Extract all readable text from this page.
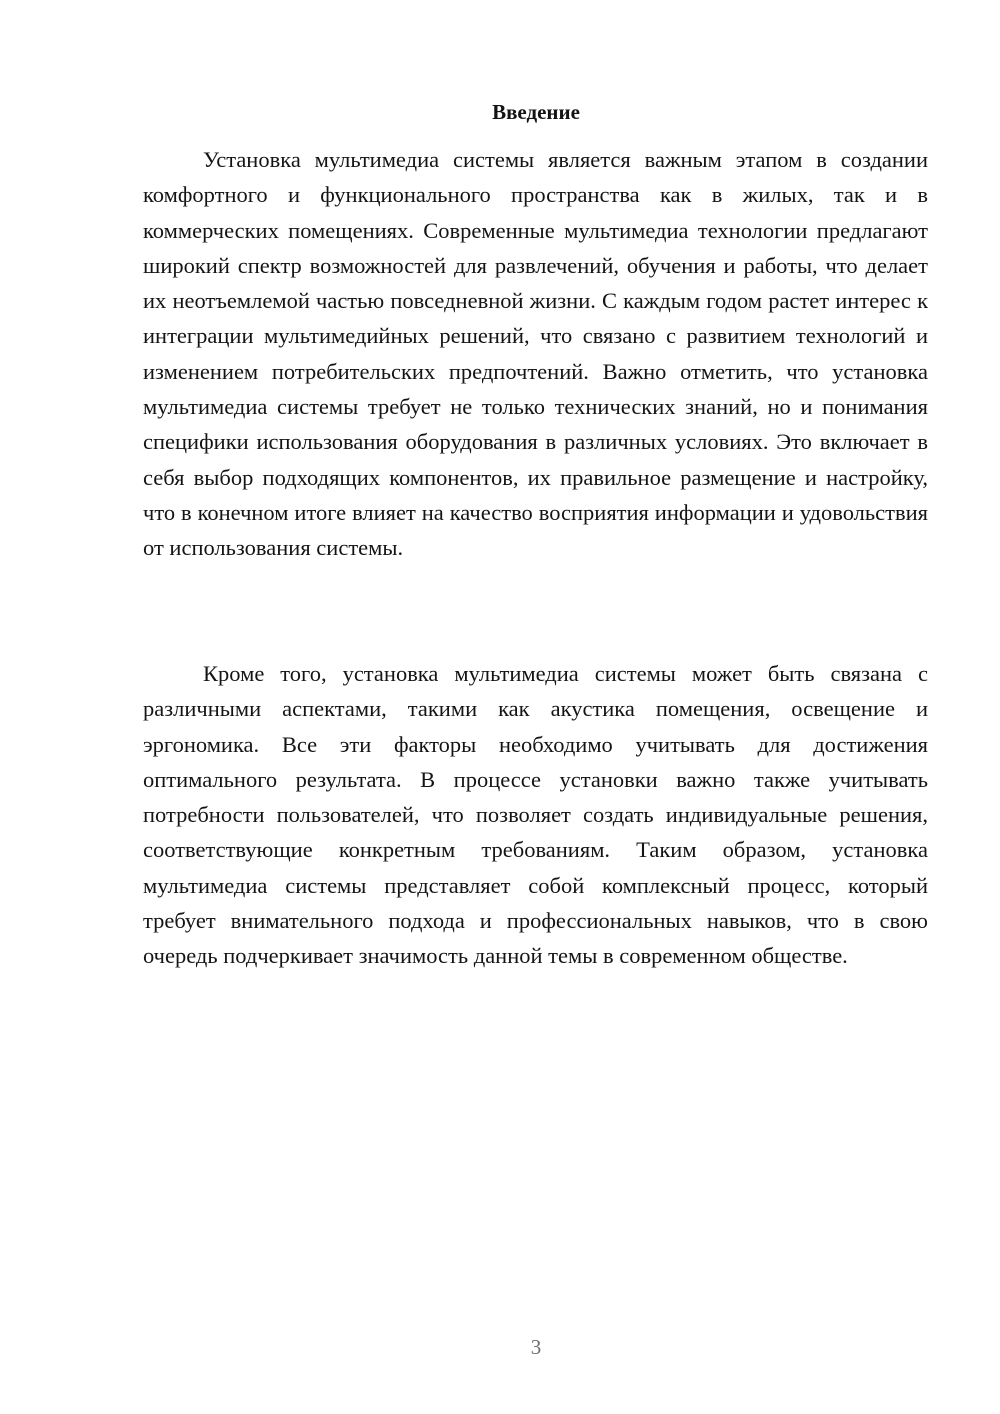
Введение

Установка мультимедиа системы является важным этапом в создании комфортного и функционального пространства как в жилых, так и в коммерческих помещениях. Современные мультимедиа технологии предлагают широкий спектр возможностей для развлечений, обучения и работы, что делает их неотъемлемой частью повседневной жизни. С каждым годом растет интерес к интеграции мультимедийных решений, что связано с развитием технологий и изменением потребительских предпочтений. Важно отметить, что установка мультимедиа системы требует не только технических знаний, но и понимания специфики использования оборудования в различных условиях. Это включает в себя выбор подходящих компонентов, их правильное размещение и настройку, что в конечном итоге влияет на качество восприятия информации и удовольствия от использования системы.

Кроме того, установка мультимедиа системы может быть связана с различными аспектами, такими как акустика помещения, освещение и эргономика. Все эти факторы необходимо учитывать для достижения оптимального результата. В процессе установки важно также учитывать потребности пользователей, что позволяет создать индивидуальные решения, соответствующие конкретным требованиям. Таким образом, установка мультимедиа системы представляет собой комплексный процесс, который требует внимательного подхода и профессиональных навыков, что в свою очередь подчеркивает значимость данной темы в современном обществе.

3
